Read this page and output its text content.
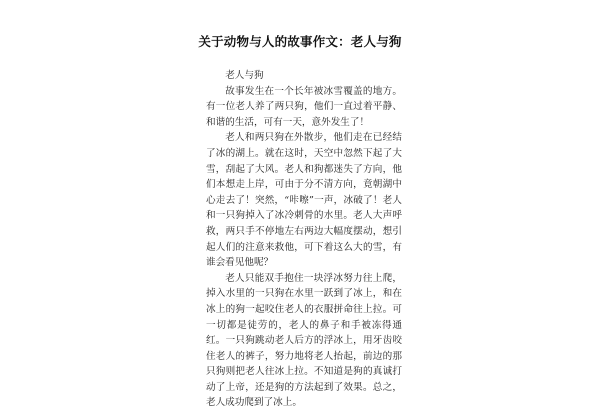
关于动物与人的故事作文：老人与狗

老人与狗

故事发生在一个长年被冰雪覆盖的地方。有一位老人养了两只狗，他们一直过着平静、和谐的生活，可有一天，意外发生了！

老人和两只狗在外散步，他们走在已经结了冰的湖上。就在这时，天空中忽然下起了大雪，刮起了大风。老人和狗都迷失了方向，他们本想走上岸，可由于分不清方向，竟朝湖中心走去了！突然，“咔嚓”一声，冰破了！老人和一只狗掉入了冰冷刺骨的水里。老人大声呼救，两只手不停地左右两边大幅度摆动，想引起人们的注意来救他，可下着这么大的雪，有谁会看见他呢？

老人只能双手抱住一块浮冰努力往上爬，掉入水里的一只狗在水里一跃到了冰上，和在冰上的狗一起咬住老人的衣服拼命往上拉。可一切都是徒劳的，老人的鼻子和手被冻得通红。一只狗跳动老人后方的浮冰上，用牙齿咬住老人的裤子，努力地将老人抬起，前边的那只狗则把老人往冰上拉。不知道是狗的真诚打动了上帝，还是狗的方法起到了效果。总之，老人成功爬到了冰上。
